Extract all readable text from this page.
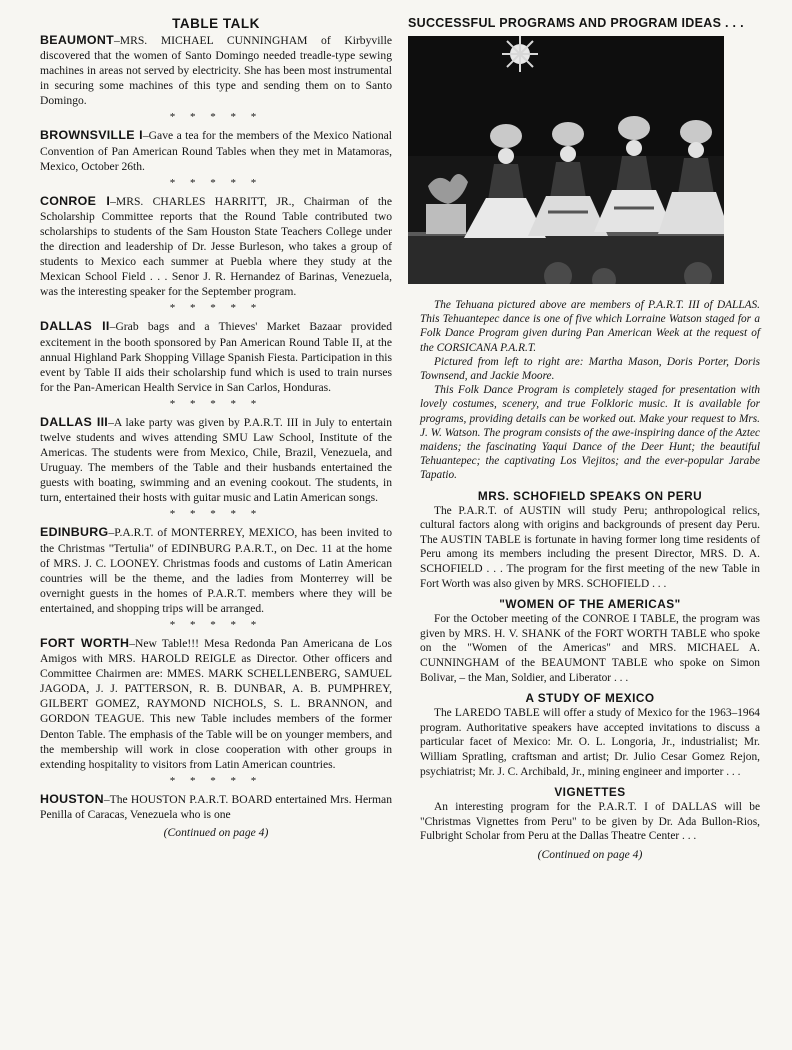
TABLE TALK

BEAUMONT–MRS. MICHAEL CUNNINGHAM of Kirbyville discovered that the women of Santo Domingo needed treadle-type sewing machines in areas not served by electricity. She has been most instrumental in securing some machines of this type and sending them on to Santo Domingo.

* * * * *

BROWNSVILLE I–Gave a tea for the members of the Mexico National Convention of Pan American Round Tables when they met in Matamoras, Mexico, October 26th.

* * * * *

CONROE I–MRS. CHARLES HARRITT, JR., Chairman of the Scholarship Committee reports that the Round Table contributed two scholarships to students of the Sam Houston State Teachers College under the direction and leadership of Dr. Jesse Burleson, who takes a group of students to Mexico each summer at Puebla where they study at the Mexican School Field . . . Senor J. R. Hernandez of Barinas, Venezuela, was the interesting speaker for the September program.

* * * * *

DALLAS II–Grab bags and a Thieves' Market Bazaar provided excitement in the booth sponsored by Pan American Round Table II, at the annual Highland Park Shopping Village Spanish Fiesta. Participation in this event by Table II aids their scholarship fund which is used to train nurses for the Pan-American Health Service in San Carlos, Honduras.

* * * * *

DALLAS III–A lake party was given by P.A.R.T. III in July to entertain twelve students and wives attending SMU Law School, Institute of the Americas. The students were from Mexico, Chile, Brazil, Venezuela, and Uruguay. The members of the Table and their husbands entertained the guests with boating, swimming and an evening cookout. The students, in turn, entertained their hosts with guitar music and Latin American songs.

* * * * *

EDINBURG–P.A.R.T. of MONTERREY, MEXICO, has been invited to the Christmas "Tertulia" of EDINBURG P.A.R.T., on Dec. 11 at the home of MRS. J. C. LOONEY. Christmas foods and customs of Latin American countries will be the theme, and the ladies from Monterrey will be overnight guests in the homes of P.A.R.T. members where they will be entertained, and shopping trips will be arranged.

* * * * *

FORT WORTH–New Table!!! Mesa Redonda Pan Americana de Los Amigos with MRS. HAROLD REIGLE as Director. Other officers and Committee Chairmen are: MMES. MARK SCHELLENBERG, SAMUEL JAGODA, J. J. PATTERSON, R. B. DUNBAR, A. B. PUMPHREY, GILBERT GOMEZ, RAYMOND NICHOLS, S. L. BRANNON, and GORDON TEAGUE. This new Table includes members of the former Denton Table. The emphasis of the Table will be on younger members, and the membership will work in close cooperation with other groups in extending hospitality to visitors from Latin American countries.

* * * * *

HOUSTON–The HOUSTON P.A.R.T. BOARD entertained Mrs. Herman Penilla of Caracas, Venezuela who is one

(Continued on page 4)
SUCCESSFUL PROGRAMS AND PROGRAM IDEAS . . .

The Tehuana pictured above are members of P.A.R.T. III of DALLAS. This Tehuantepec dance is one of five which Lorraine Watson staged for a Folk Dance Program given during Pan American Week at the request of the CORSICANA P.A.R.T.

Pictured from left to right are: Martha Mason, Doris Porter, Doris Townsend, and Jackie Moore.

This Folk Dance Program is completely staged for presentation with lovely costumes, scenery, and true Folkloric music. It is available for programs, providing details can be worked out. Make your request to Mrs. J. W. Watson. The program consists of the awe-inspiring dance of the Aztec maidens; the fascinating Yaqui Dance of the Deer Hunt; the beautiful Tehuantepec; the captivating Los Viejitos; and the ever-popular Jarabe Tapatio.

MRS. SCHOFIELD SPEAKS ON PERU

The P.A.R.T. of AUSTIN will study Peru; anthropological relics, cultural factors along with origins and backgrounds of present day Peru. The AUSTIN TABLE is fortunate in having former long time residents of Peru among its members including the present Director, MRS. D. A. SCHOFIELD . . . The program for the first meeting of the new Table in Fort Worth was also given by MRS. SCHOFIELD . . .

"WOMEN OF THE AMERICAS"

For the October meeting of the CONROE I TABLE, the program was given by MRS. H. V. SHANK of the FORT WORTH TABLE who spoke on the "Women of the Americas" and MRS. MICHAEL A. CUNNINGHAM of the BEAUMONT TABLE who spoke on Simon Bolivar, – the Man, Soldier, and Liberator . . .

A STUDY OF MEXICO

The LAREDO TABLE will offer a study of Mexico for the 1963–1964 program. Authoritative speakers have accepted invitations to discuss a particular facet of Mexico: Mr. O. L. Longoria, Jr., industrialist; Mr. William Spratling, craftsman and artist; Dr. Julio Cesar Gomez Rejon, psychiatrist; Mr. J. C. Archibald, Jr., mining engineer and importer . . .

VIGNETTES

An interesting program for the P.A.R.T. I of DALLAS will be "Christmas Vignettes from Peru" to be given by Dr. Ada Bullon-Rios, Fulbright Scholar from Peru at the Dallas Theatre Center . . .

(Continued on page 4)
